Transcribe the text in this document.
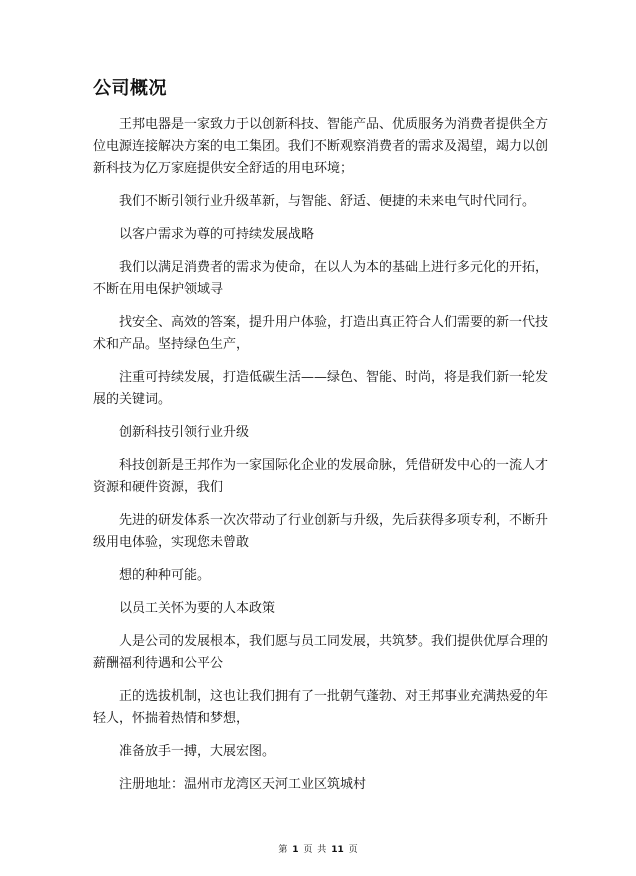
公司概况

王邦电器是一家致力于以创新科技、智能产品、优质服务为消费者提供全方位电源连接解决方案的电工集团。我们不断观察消费者的需求及渴望，竭力以创新科技为亿万家庭提供安全舒适的用电环境；

我们不断引领行业升级革新，与智能、舒适、便捷的未来电气时代同行。

以客户需求为尊的可持续发展战略

我们以满足消费者的需求为使命，在以人为本的基础上进行多元化的开拓，不断在用电保护领域寻

找安全、高效的答案，提升用户体验，打造出真正符合人们需要的新一代技术和产品。坚持绿色生产，

注重可持续发展，打造低碳生活——绿色、智能、时尚，将是我们新一轮发展的关键词。

创新科技引领行业升级

科技创新是王邦作为一家国际化企业的发展命脉，凭借研发中心的一流人才资源和硬件资源，我们

先进的研发体系一次次带动了行业创新与升级，先后获得多项专利，不断升级用电体验，实现您未曾敢

想的种种可能。

以员工关怀为要的人本政策

人是公司的发展根本，我们愿与员工同发展，共筑梦。我们提供优厚合理的薪酬福利待遇和公平公

正的选拔机制，这也让我们拥有了一批朝气蓬勃、对王邦事业充满热爱的年轻人，怀揣着热情和梦想，

准备放手一搏，大展宏图。

注册地址：温州市龙湾区天河工业区筑城村

第 1 页 共 11 页
